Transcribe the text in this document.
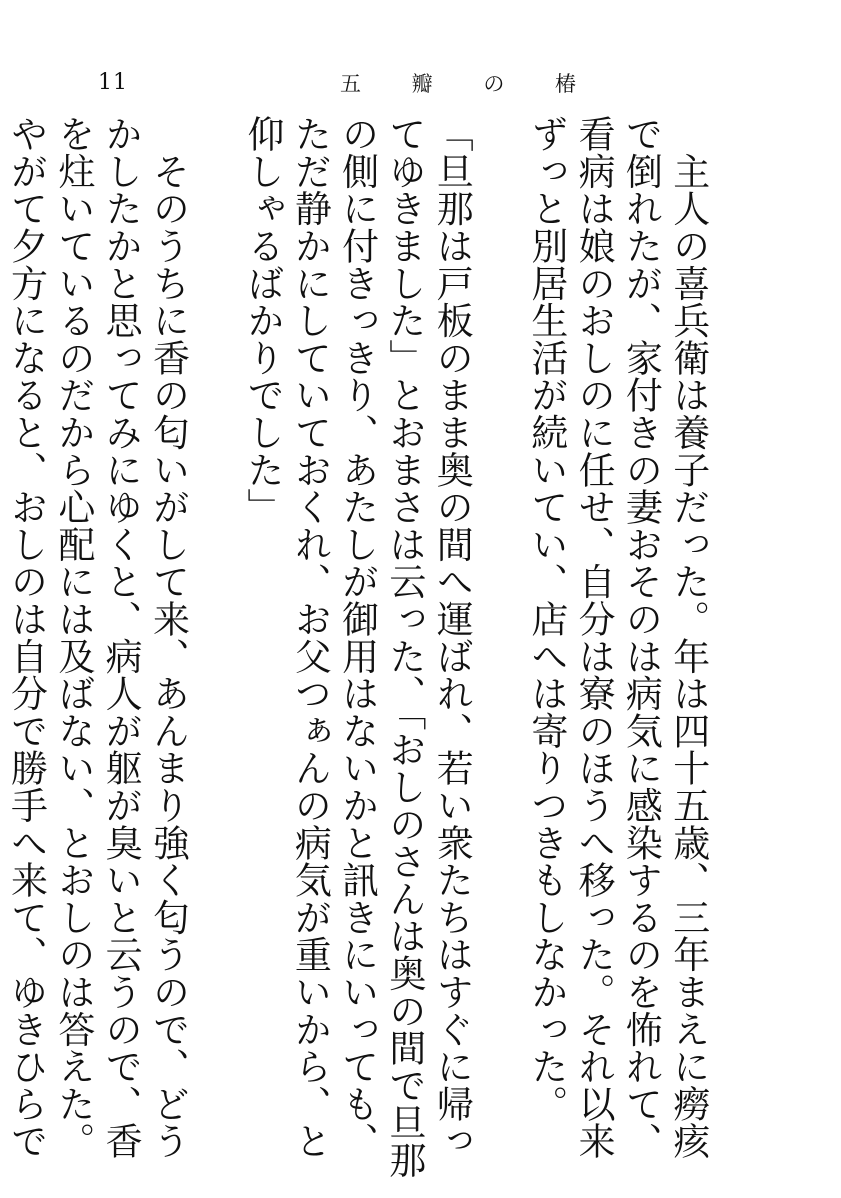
11	五 瓣 の 椿

　主人の喜兵衛は養子だった。年は四十五歳、三年まえに癆痎で倒れたが、家付きの妻おそのは病気に感染するのを怖れて、看病は娘のおしのに任せ、自分は寮のほうへ移った。それ以来ずっと別居生活が続いてい、店へは寄りつきもしなかった。

「旦那は戸板のまま奥の間へ運ばれ、若い衆たちはすぐに帰ってゆきました」とおまさは云った、「おしのさんは奥の間で旦那の側に付きっきり、あたしが御用はないかと訊きにいっても、ただ静かにしていておくれ、お父つぁんの病気が重いから、と仰しゃるばかりでした」

　そのうちに香の匂いがして来、あんまり強く匂うので、どうかしたかと思ってみにゆくと、病人が躯が臭いと云うので、香を炷いているのだから心配には及ばない、とおしのは答えた。やがて夕方になると、おしのは自分で勝手へ来て、ゆきひらで
